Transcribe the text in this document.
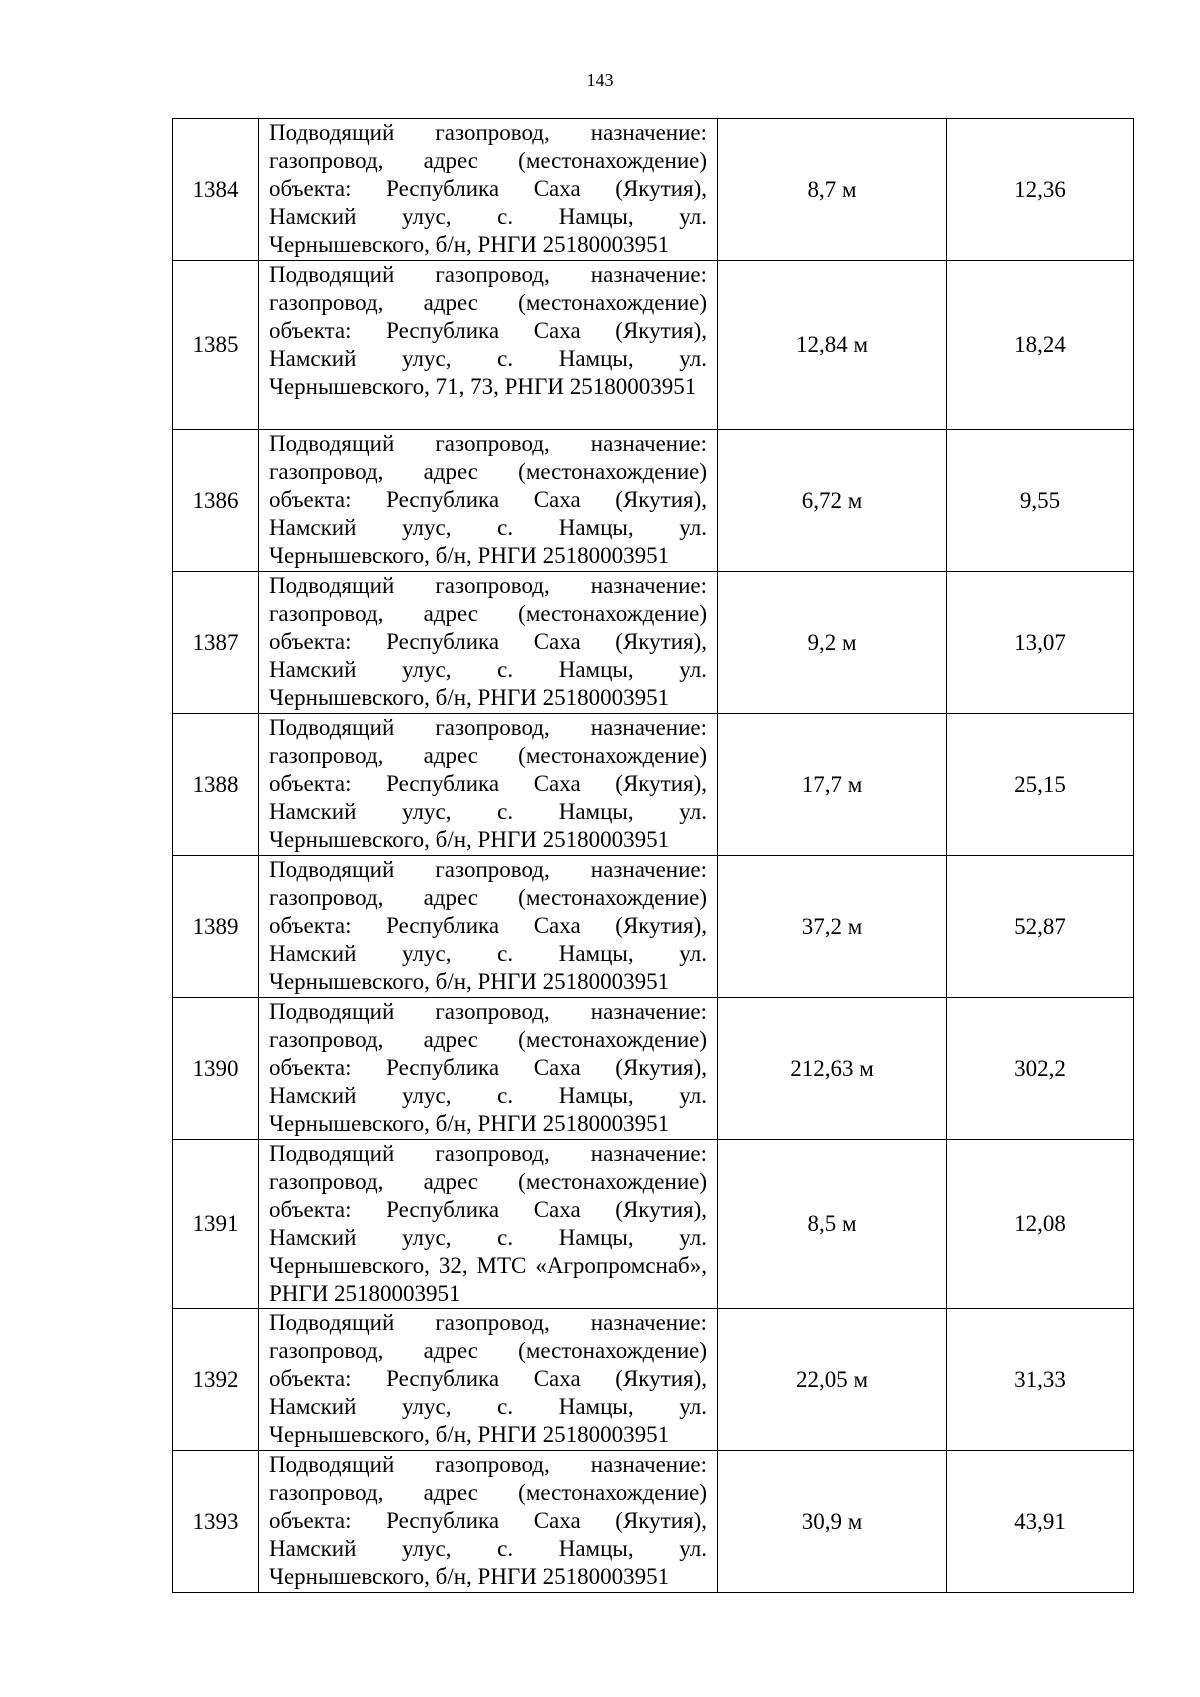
143
1384	Подводящий газопровод, назначение: газопровод, адрес (местонахождение) объекта: Республика Саха (Якутия), Намский улус, с. Намцы, ул. Чернышевского, б/н, РНГИ 25180003951	8,7 м	12,36
1385	Подводящий газопровод, назначение: газопровод, адрес (местонахождение) объекта: Республика Саха (Якутия), Намский улус, с. Намцы, ул. Чернышевского, 71, 73, РНГИ 25180003951	12,84 м	18,24
1386	Подводящий газопровод, назначение: газопровод, адрес (местонахождение) объекта: Республика Саха (Якутия), Намский улус, с. Намцы, ул. Чернышевского, б/н, РНГИ 25180003951	6,72 м	9,55
1387	Подводящий газопровод, назначение: газопровод, адрес (местонахождение) объекта: Республика Саха (Якутия), Намский улус, с. Намцы, ул. Чернышевского, б/н, РНГИ 25180003951	9,2 м	13,07
1388	Подводящий газопровод, назначение: газопровод, адрес (местонахождение) объекта: Республика Саха (Якутия), Намский улус, с. Намцы, ул. Чернышевского, б/н, РНГИ 25180003951	17,7 м	25,15
1389	Подводящий газопровод, назначение: газопровод, адрес (местонахождение) объекта: Республика Саха (Якутия), Намский улус, с. Намцы, ул. Чернышевского, б/н, РНГИ 25180003951	37,2 м	52,87
1390	Подводящий газопровод, назначение: газопровод, адрес (местонахождение) объекта: Республика Саха (Якутия), Намский улус, с. Намцы, ул. Чернышевского, б/н, РНГИ 25180003951	212,63 м	302,2
1391	Подводящий газопровод, назначение: газопровод, адрес (местонахождение) объекта: Республика Саха (Якутия), Намский улус, с. Намцы, ул. Чернышевского, 32, МТС «Агропромснаб», РНГИ 25180003951	8,5 м	12,08
1392	Подводящий газопровод, назначение: газопровод, адрес (местонахождение) объекта: Республика Саха (Якутия), Намский улус, с. Намцы, ул. Чернышевского, б/н, РНГИ 25180003951	22,05 м	31,33
1393	Подводящий газопровод, назначение: газопровод, адрес (местонахождение) объекта: Республика Саха (Якутия), Намский улус, с. Намцы, ул. Чернышевского, б/н, РНГИ 25180003951	30,9 м	43,91
